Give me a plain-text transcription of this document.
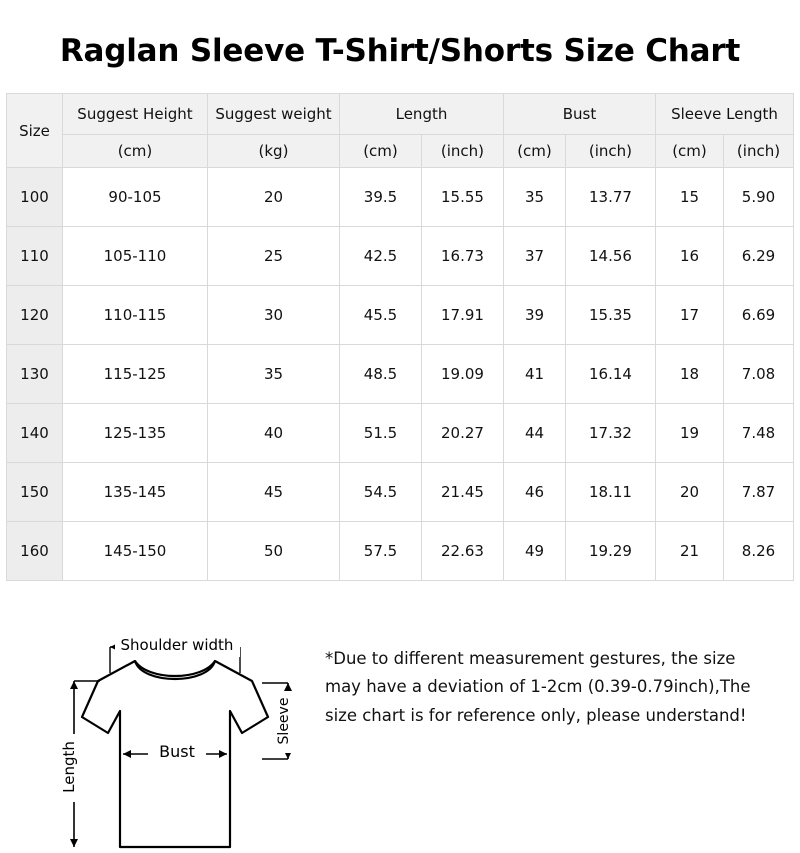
Raglan Sleeve T-Shirt/Shorts Size Chart
Size	Suggest Height	Suggest weight	Length		Bust		Sleeve Length	
	(cm)	(kg)	(cm)	(inch)	(cm)	(inch)	(cm)	(inch)
100	90-105	20	39.5	15.55	35	13.77	15	5.90
110	105-110	25	42.5	16.73	37	14.56	16	6.29
120	110-115	30	45.5	17.91	39	15.35	17	6.69
130	115-125	35	48.5	19.09	41	16.14	18	7.08
140	125-135	40	51.5	20.27	44	17.32	19	7.48
150	135-145	45	54.5	21.45	46	18.11	20	7.87
160	145-150	50	57.5	22.63	49	19.29	21	8.26
Shoulder width
Bust
Length
Sleeve
*Due to different measurement gestures, the size may have a deviation of 1-2cm (0.39-0.79inch),The size chart is for reference only, please understand!
